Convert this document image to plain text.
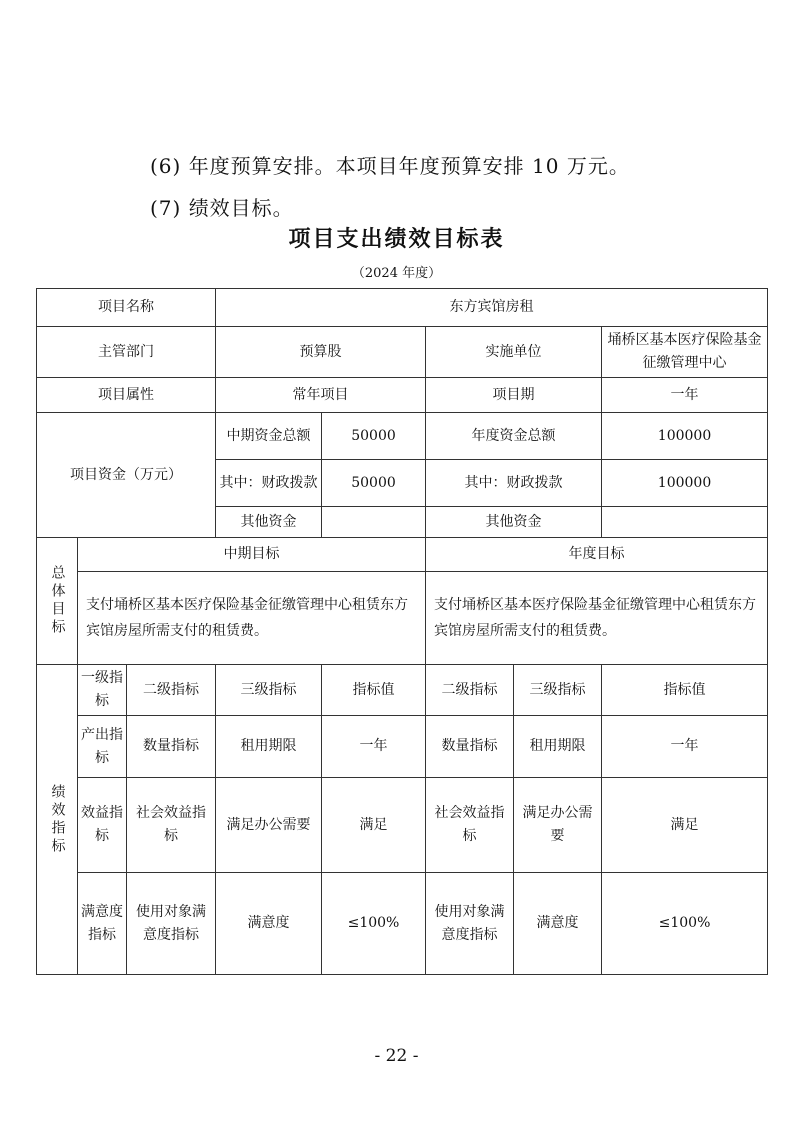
(6) 年度预算安排。本项目年度预算安排 10 万元。
(7) 绩效目标。
项目支出绩效目标表
（2024 年度）
项目名称			东方宾馆房租				
主管部门			预算股		实施单位		埇桥区基本医疗保险基金征缴管理中心
项目属性			常年项目		项目期		一年
项目资金（万元）			中期资金总额	50000	年度资金总额		100000
			其中：财政拨款	50000	其中：财政拨款		100000
			其他资金		其他资金		
总体目标	中期目标				年度目标		
	支付埇桥区基本医疗保险基金征缴管理中心租赁东方宾馆房屋所需支付的租赁费。				支付埇桥区基本医疗保险基金征缴管理中心租赁东方宾馆房屋所需支付的租赁费。		
绩效指标	一级指标	二级指标	三级指标	指标值	二级指标	三级指标	指标值
	产出指标	数量指标	租用期限	一年	数量指标	租用期限	一年
	效益指标	社会效益指标	满足办公需要	满足	社会效益指标	满足办公需要	满足
	满意度指标	使用对象满意度指标	满意度	≤100%	使用对象满意度指标	满意度	≤100%
- 22 -
